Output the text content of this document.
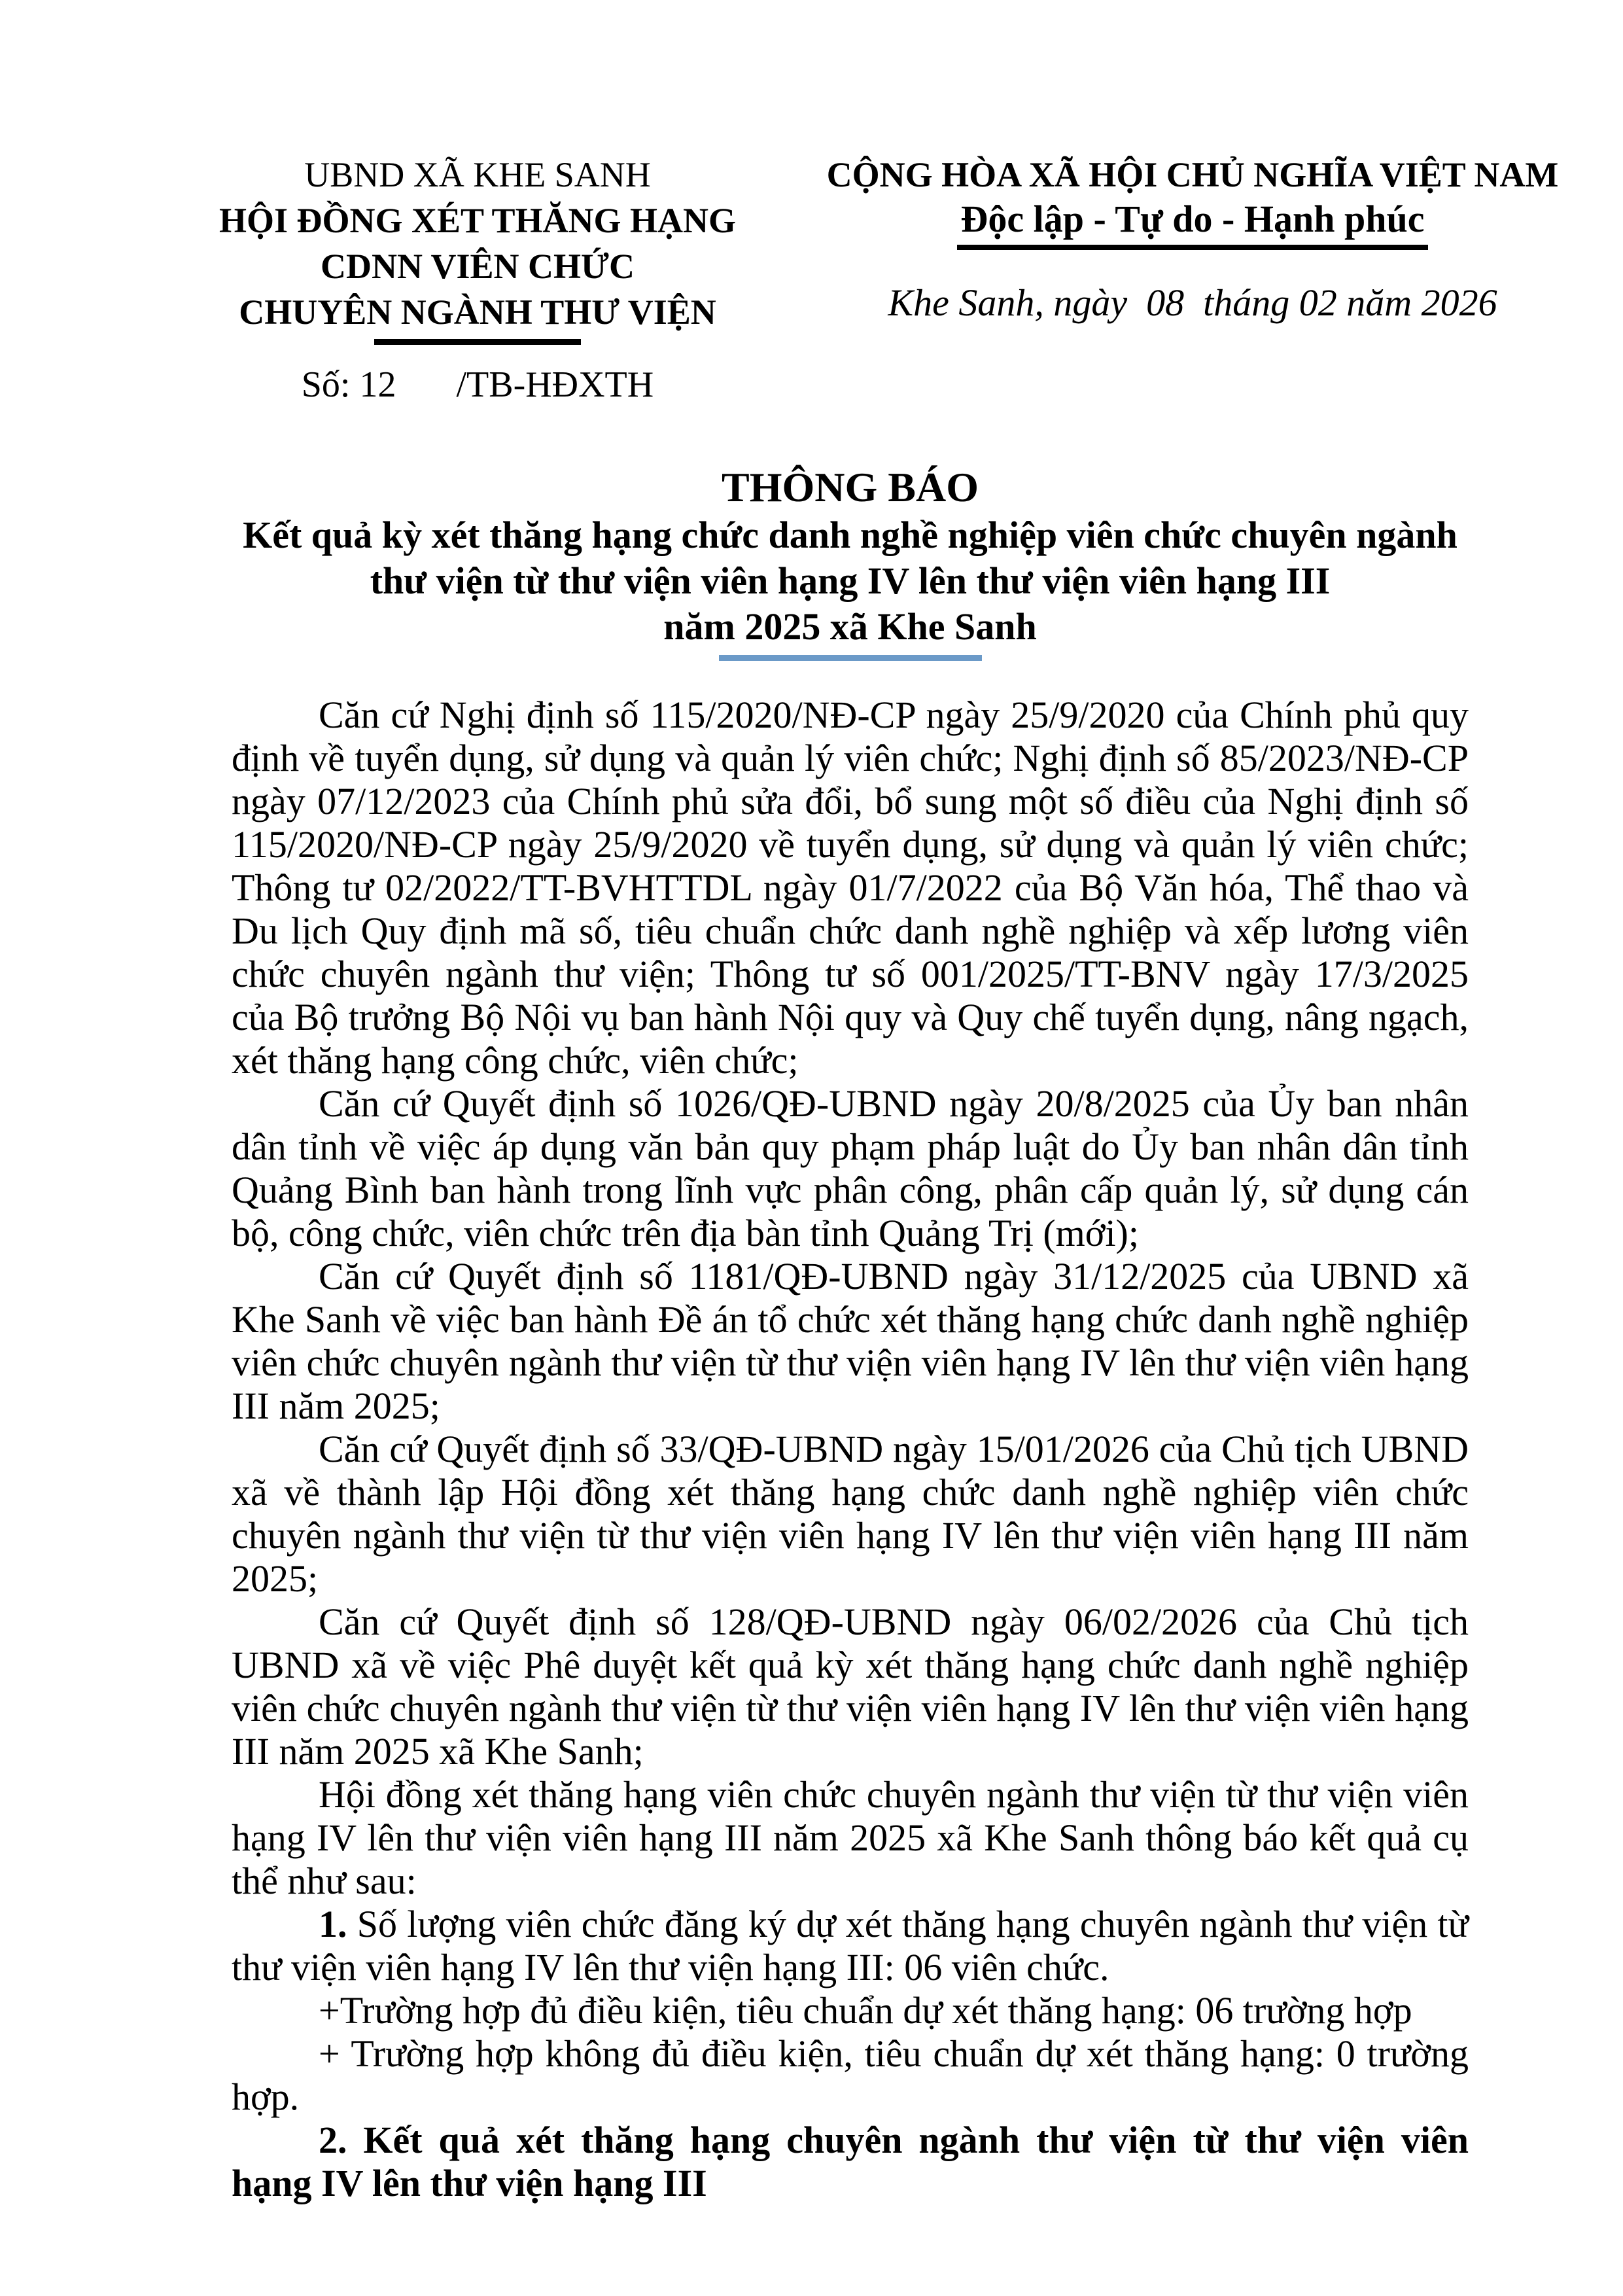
UBND XÃ KHE SANH
HỘI ĐỒNG XÉT THĂNG HẠNG
CDNN VIÊN CHỨC
CHUYÊN NGÀNH THƯ VIỆN
Số: 12 /TB-HĐXTH
CỘNG HÒA XÃ HỘI CHỦ NGHĨA VIỆT NAM
Độc lập - Tự do - Hạnh phúc
Khe Sanh, ngày  08  tháng 02 năm 2026
THÔNG BÁO
Kết quả kỳ xét thăng hạng chức danh nghề nghiệp viên chức chuyên ngành
thư viện từ thư viện viên hạng IV lên thư viện viên hạng III
năm 2025 xã Khe Sanh

Căn cứ Nghị định số 115/2020/NĐ-CP ngày 25/9/2020 của Chính phủ quy định về tuyển dụng, sử dụng và quản lý viên chức; Nghị định số 85/2023/NĐ-CP ngày 07/12/2023 của Chính phủ sửa đổi, bổ sung một số điều của Nghị định số 115/2020/NĐ-CP ngày 25/9/2020 về tuyển dụng, sử dụng và quản lý viên chức; Thông tư 02/2022/TT-BVHTTDL ngày 01/7/2022 của Bộ Văn hóa, Thể thao và Du lịch Quy định mã số, tiêu chuẩn chức danh nghề nghiệp và xếp lương viên chức chuyên ngành thư viện; Thông tư số 001/2025/TT-BNV ngày 17/3/2025 của Bộ trưởng Bộ Nội vụ ban hành Nội quy và Quy chế tuyển dụng, nâng ngạch, xét thăng hạng công chức, viên chức;

Căn cứ Quyết định số 1026/QĐ-UBND ngày 20/8/2025 của Ủy ban nhân dân tỉnh về việc áp dụng văn bản quy phạm pháp luật do Ủy ban nhân dân tỉnh Quảng Bình ban hành trong lĩnh vực phân công, phân cấp quản lý, sử dụng cán bộ, công chức, viên chức trên địa bàn tỉnh Quảng Trị (mới);

Căn cứ Quyết định số 1181/QĐ-UBND ngày 31/12/2025 của UBND xã Khe Sanh về việc ban hành Đề án tổ chức xét thăng hạng chức danh nghề nghiệp viên chức chuyên ngành thư viện từ thư viện viên hạng IV lên thư viện viên hạng III năm 2025;

Căn cứ Quyết định số 33/QĐ-UBND ngày 15/01/2026 của Chủ tịch UBND xã về thành lập Hội đồng xét thăng hạng chức danh nghề nghiệp viên chức chuyên ngành thư viện từ thư viện viên hạng IV lên thư viện viên hạng III năm 2025;

Căn cứ Quyết định số 128/QĐ-UBND ngày 06/02/2026 của Chủ tịch UBND xã về việc Phê duyệt kết quả kỳ xét thăng hạng chức danh nghề nghiệp viên chức chuyên ngành thư viện từ thư viện viên hạng IV lên thư viện viên hạng III năm 2025 xã Khe Sanh;

Hội đồng xét thăng hạng viên chức chuyên ngành thư viện từ thư viện viên hạng IV lên thư viện viên hạng III năm 2025 xã Khe Sanh thông báo kết quả cụ thể như sau:

1. Số lượng viên chức đăng ký dự xét thăng hạng chuyên ngành thư viện từ thư viện viên hạng IV lên thư viện hạng III: 06 viên chức.

+Trường hợp đủ điều kiện, tiêu chuẩn dự xét thăng hạng: 06 trường hợp

+ Trường hợp không đủ điều kiện, tiêu chuẩn dự xét thăng hạng: 0 trường hợp.

2. Kết quả xét thăng hạng chuyên ngành thư viện từ thư viện viên hạng IV lên thư viện hạng III
